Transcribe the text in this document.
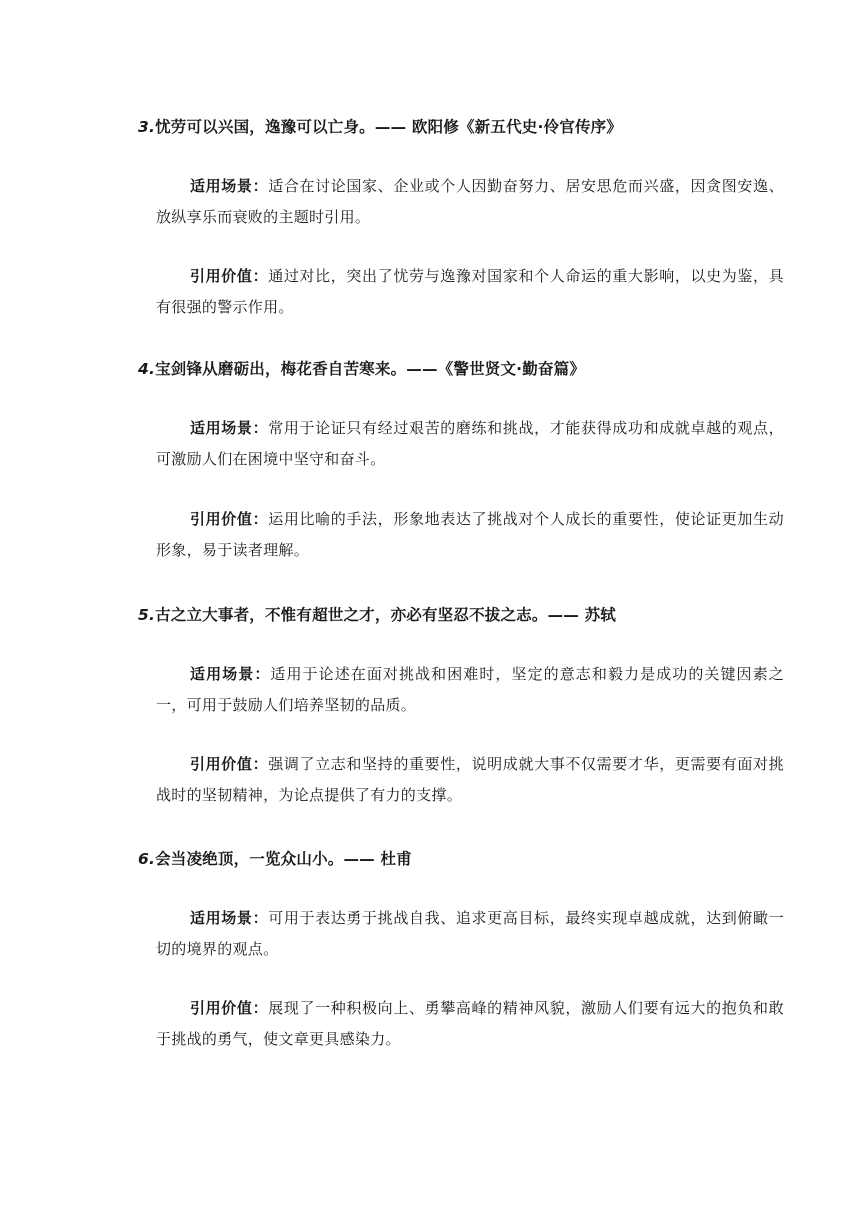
3.忧劳可以兴国，逸豫可以亡身。—— 欧阳修《新五代史·伶官传序》

适用场景：适合在讨论国家、企业或个人因勤奋努力、居安思危而兴盛，因贪图安逸、放纵享乐而衰败的主题时引用。

引用价值：通过对比，突出了忧劳与逸豫对国家和个人命运的重大影响，以史为鉴，具有很强的警示作用。

4.宝剑锋从磨砺出，梅花香自苦寒来。——《警世贤文·勤奋篇》

适用场景：常用于论证只有经过艰苦的磨练和挑战，才能获得成功和成就卓越的观点，可激励人们在困境中坚守和奋斗。

引用价值：运用比喻的手法，形象地表达了挑战对个人成长的重要性，使论证更加生动形象，易于读者理解。

5.古之立大事者，不惟有超世之才，亦必有坚忍不拔之志。—— 苏轼

适用场景：适用于论述在面对挑战和困难时，坚定的意志和毅力是成功的关键因素之一，可用于鼓励人们培养坚韧的品质。

引用价值：强调了立志和坚持的重要性，说明成就大事不仅需要才华，更需要有面对挑战时的坚韧精神，为论点提供了有力的支撑。

6.会当凌绝顶，一览众山小。—— 杜甫

适用场景：可用于表达勇于挑战自我、追求更高目标，最终实现卓越成就，达到俯瞰一切的境界的观点。

引用价值：展现了一种积极向上、勇攀高峰的精神风貌，激励人们要有远大的抱负和敢于挑战的勇气，使文章更具感染力。
